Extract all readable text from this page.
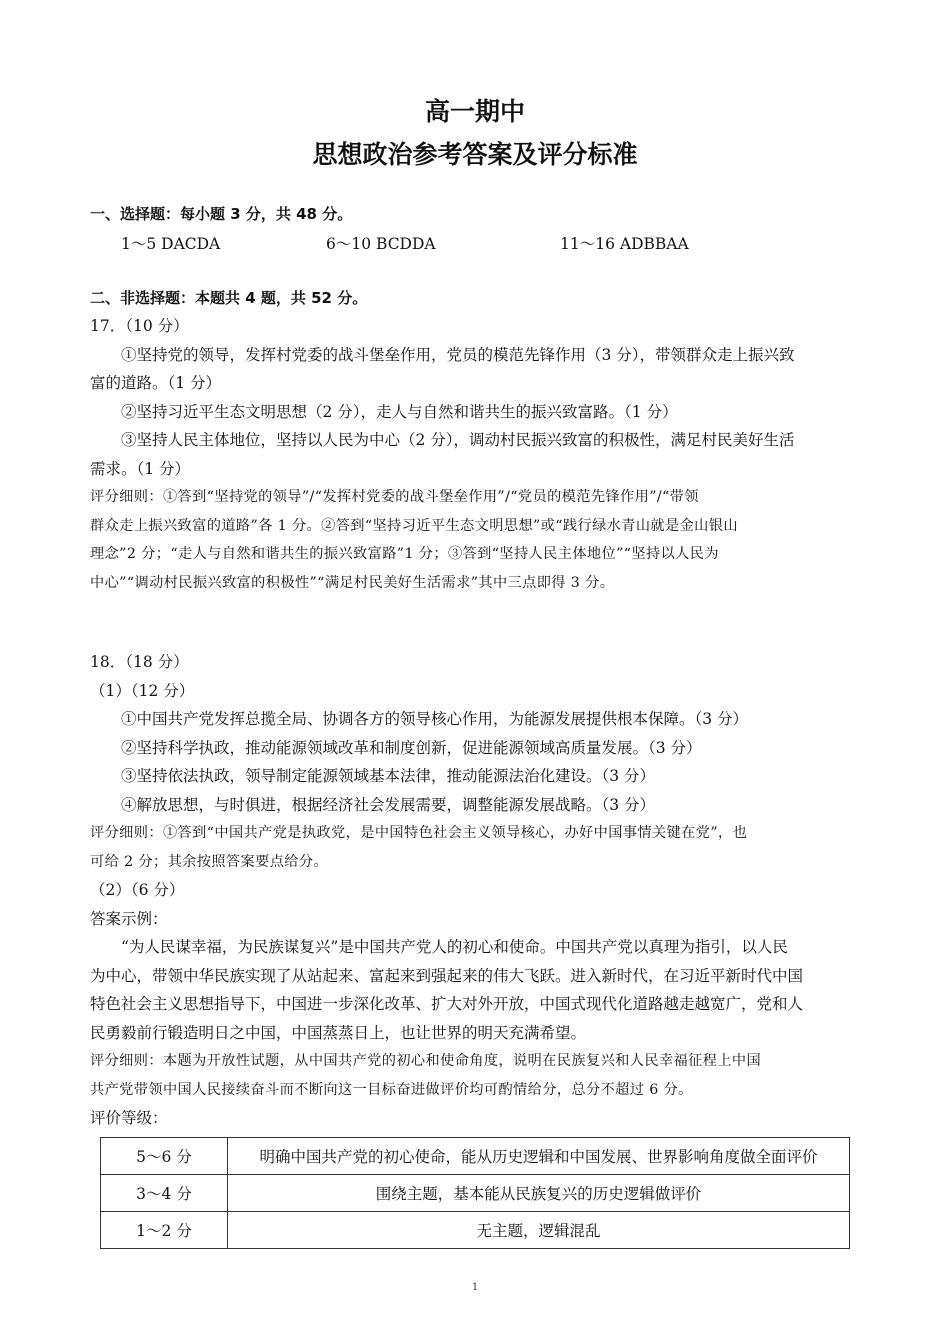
高一期中
思想政治参考答案及评分标准
一、选择题：每小题 3 分，共 48 分。
1～5 DACDA	6～10 BCDDA	11～16 ADBBAA
二、非选择题：本题共 4 题，共 52 分。
17．（10 分）
①坚持党的领导，发挥村党委的战斗堡垒作用，党员的模范先锋作用（3 分），带领群众走上振兴致
富的道路。（1 分）
②坚持习近平生态文明思想（2 分），走人与自然和谐共生的振兴致富路。（1 分）
③坚持人民主体地位，坚持以人民为中心（2 分），调动村民振兴致富的积极性，满足村民美好生活
需求。（1 分）
评分细则：①答到“坚持党的领导”/“发挥村党委的战斗堡垒作用”/“党员的模范先锋作用”/“带领
群众走上振兴致富的道路”各 1 分。②答到“坚持习近平生态文明思想”或“践行绿水青山就是金山银山
理念”2 分；“走人与自然和谐共生的振兴致富路”1 分；③答到“坚持人民主体地位”“坚持以人民为
中心”“调动村民振兴致富的积极性”“满足村民美好生活需求”其中三点即得 3 分。
18．（18 分）
（1）（12 分）
①中国共产党发挥总揽全局、协调各方的领导核心作用，为能源发展提供根本保障。（3 分）
②坚持科学执政，推动能源领域改革和制度创新，促进能源领域高质量发展。（3 分）
③坚持依法执政，领导制定能源领域基本法律，推动能源法治化建设。（3 分）
④解放思想，与时俱进，根据经济社会发展需要，调整能源发展战略。（3 分）
评分细则：①答到“中国共产党是执政党，是中国特色社会主义领导核心，办好中国事情关键在党”，也
可给 2 分；其余按照答案要点给分。
（2）（6 分）
答案示例：
“为人民谋幸福，为民族谋复兴”是中国共产党人的初心和使命。中国共产党以真理为指引，以人民
为中心，带领中华民族实现了从站起来、富起来到强起来的伟大飞跃。进入新时代，在习近平新时代中国
特色社会主义思想指导下，中国进一步深化改革、扩大对外开放，中国式现代化道路越走越宽广，党和人
民勇毅前行锻造明日之中国，中国蒸蒸日上，也让世界的明天充满希望。
评分细则：本题为开放性试题，从中国共产党的初心和使命角度，说明在民族复兴和人民幸福征程上中国
共产党带领中国人民接续奋斗而不断向这一目标奋进做评价均可酌情给分，总分不超过 6 分。
评价等级：
5～6 分	明确中国共产党的初心使命，能从历史逻辑和中国发展、世界影响角度做全面评价
3～4 分	围绕主题，基本能从民族复兴的历史逻辑做评价
1～2 分	无主题，逻辑混乱
1
